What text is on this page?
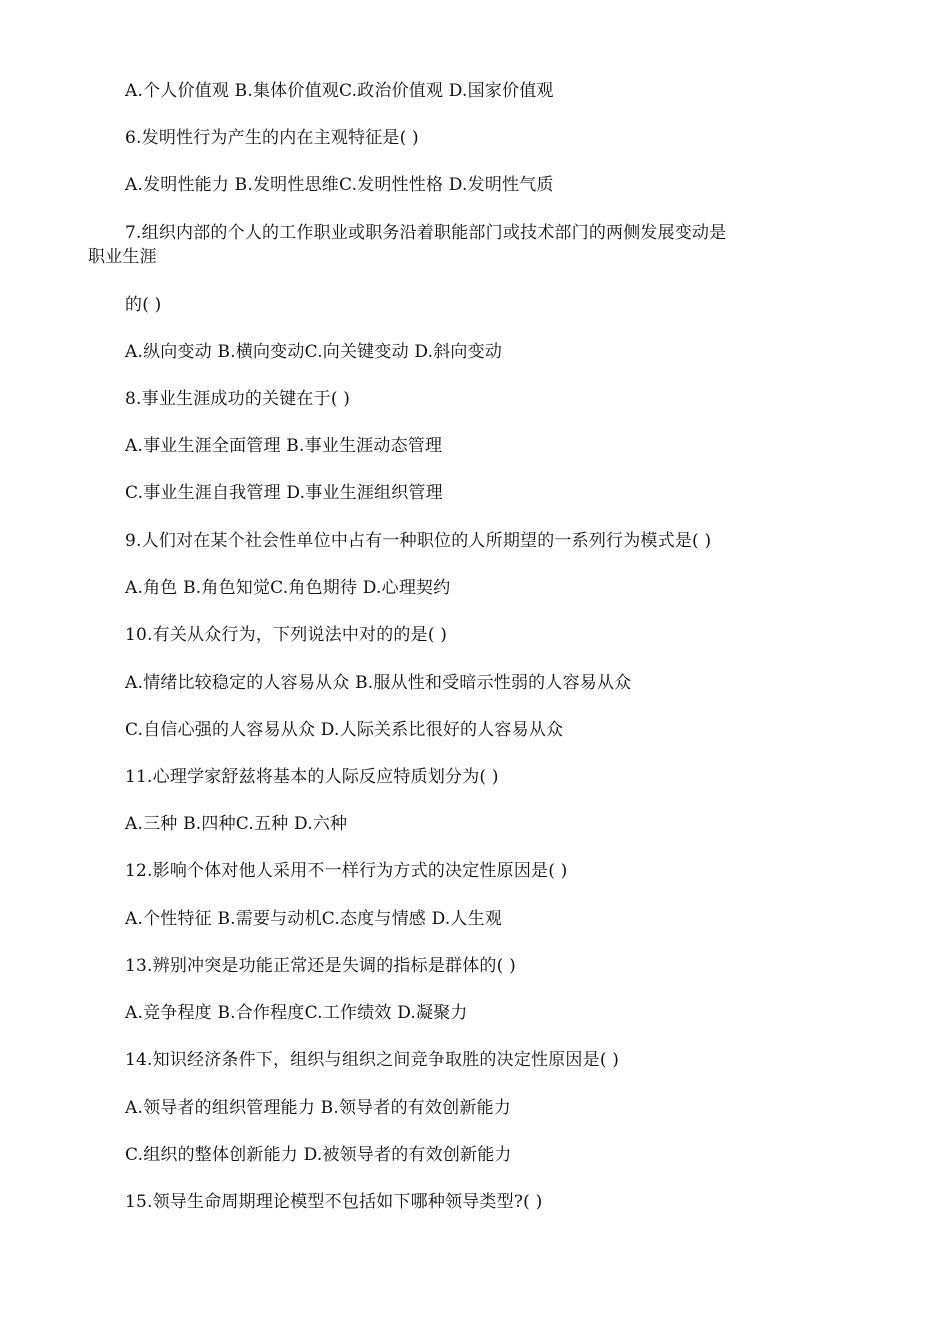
A.个人价值观 B.集体价值观C.政治价值观 D.国家价值观
6.发明性行为产生的内在主观特征是( )
A.发明性能力 B.发明性思维C.发明性性格 D.发明性气质
7.组织内部的个人的工作职业或职务沿着职能部门或技术部门的两侧发展变动是
职业生涯
的( )
A.纵向变动 B.横向变动C.向关键变动 D.斜向变动
8.事业生涯成功的关键在于( )
A.事业生涯全面管理 B.事业生涯动态管理
C.事业生涯自我管理 D.事业生涯组织管理
9.人们对在某个社会性单位中占有一种职位的人所期望的一系列行为模式是( )
A.角色 B.角色知觉C.角色期待 D.心理契约
10.有关从众行为，下列说法中对的的是( )
A.情绪比较稳定的人容易从众 B.服从性和受暗示性弱的人容易从众
C.自信心强的人容易从众 D.人际关系比很好的人容易从众
11.心理学家舒兹将基本的人际反应特质划分为( )
A.三种 B.四种C.五种 D.六种
12.影响个体对他人采用不一样行为方式的决定性原因是( )
A.个性特征 B.需要与动机C.态度与情感 D.人生观
13.辨别冲突是功能正常还是失调的指标是群体的( )
A.竞争程度 B.合作程度C.工作绩效 D.凝聚力
14.知识经济条件下，组织与组织之间竞争取胜的决定性原因是( )
A.领导者的组织管理能力 B.领导者的有效创新能力
C.组织的整体创新能力 D.被领导者的有效创新能力
15.领导生命周期理论模型不包括如下哪种领导类型?( )
